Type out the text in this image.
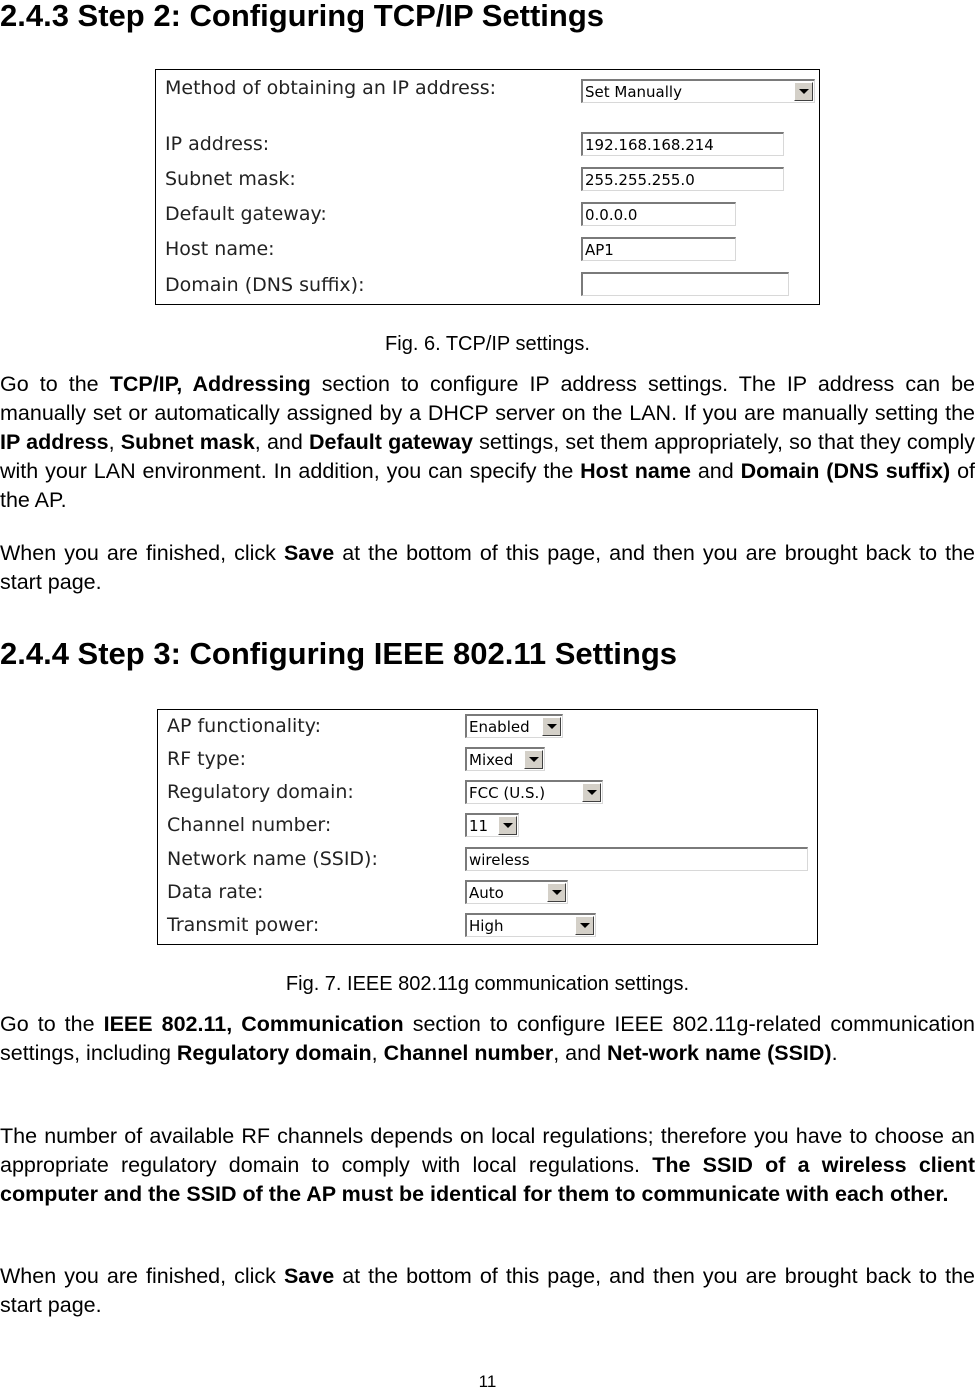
2.4.3 Step 2: Configuring TCP/IP Settings
Method of obtaining an IP address:	Set Manually
IP address:	192.168.168.214
Subnet mask:	255.255.255.0
Default gateway:	0.0.0.0
Host name:	AP1
Domain (DNS suffix):
Fig. 6. TCP/IP settings.

Go to the TCP/IP, Addressing section to configure IP address settings. The IP address can be manually set or automatically assigned by a DHCP server on the LAN. If you are manually setting the IP address, Subnet mask, and Default gateway settings, set them appropriately, so that they comply with your LAN environment. In addition, you can specify the Host name and Domain (DNS suffix) of the AP.

When you are finished, click Save at the bottom of this page, and then you are brought back to the start page.

2.4.4 Step 3: Configuring IEEE 802.11 Settings
AP functionality:	Enabled
RF type:	Mixed
Regulatory domain:	FCC (U.S.)
Channel number:	11
Network name (SSID):	wireless
Data rate:	Auto
Transmit power:	High
Fig. 7. IEEE 802.11g communication settings.

Go to the IEEE 802.11, Communication section to configure IEEE 802.11g-related communication settings, including Regulatory domain, Channel number, and Net-work name (SSID).

The number of available RF channels depends on local regulations; therefore you have to choose an appropriate regulatory domain to comply with local regulations. The SSID of a wireless client computer and the SSID of the AP must be identical for them to communicate with each other.

When you are finished, click Save at the bottom of this page, and then you are brought back to the start page.

11
